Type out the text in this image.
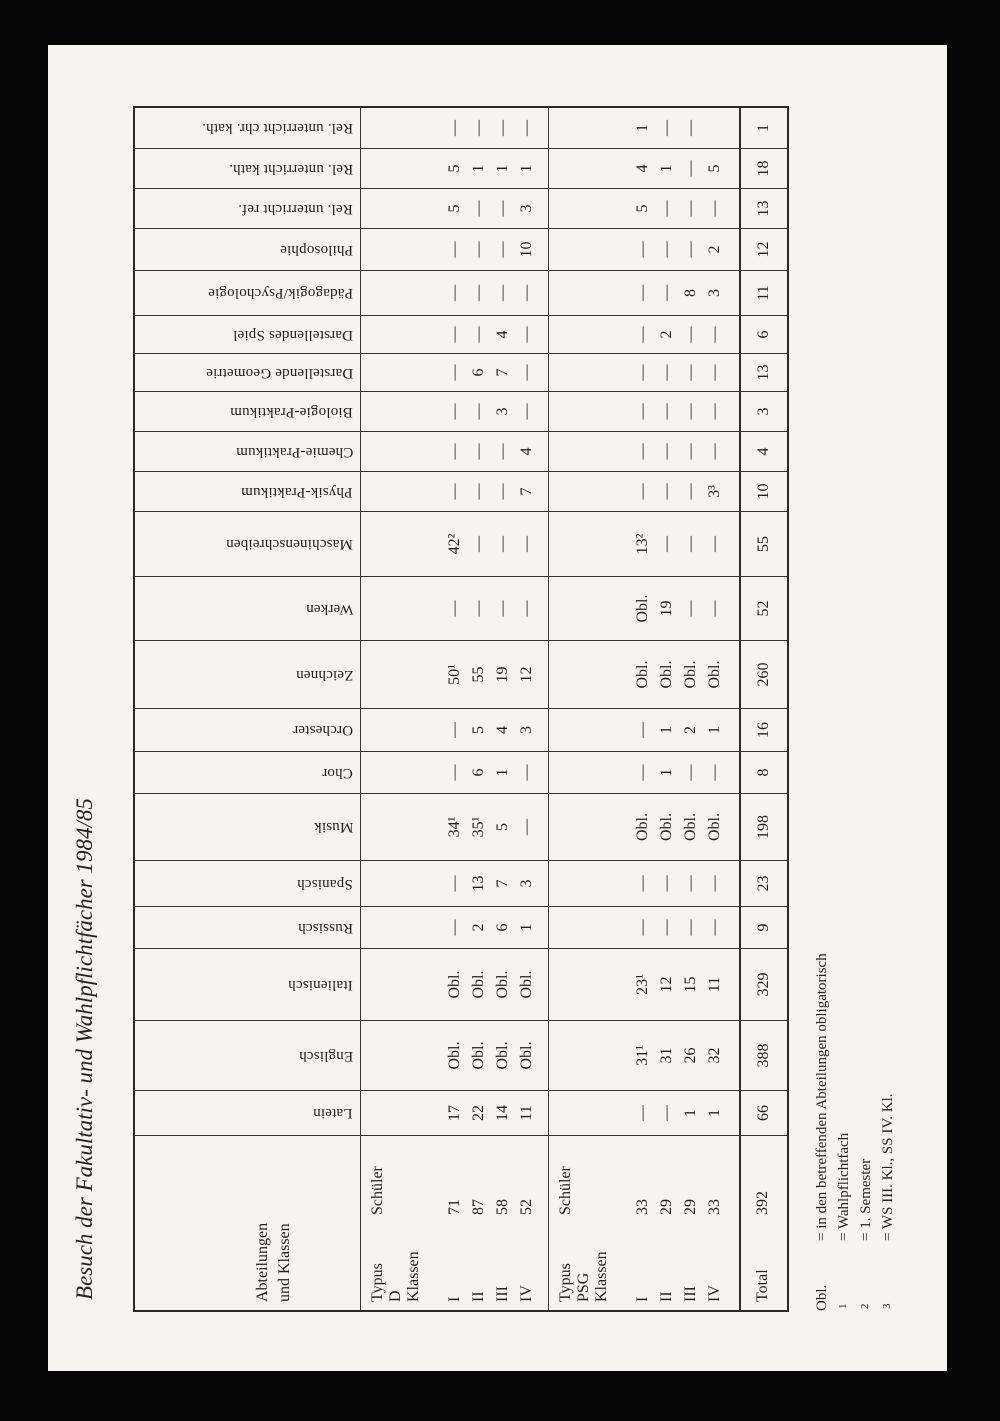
Besuch der Fakultativ- und Wahlpflichtfächer 1984/85	Abteilungen und Klassen
Latein
Englisch
Italienisch
Russisch
Spanisch
Musik
Chor
Orchester
Zeichnen
Werken
Maschinenschreiben
Physik-Praktikum
Chemie-Praktikum
Biologie-Praktikum
Darstellende Geometrie
Darstellendes Spiel
Pädagogik/Psychologie
Philosophie
Rel. unterricht ref.
Rel. unterricht kath.
Rel. unterricht chr. kath.
Typus
Schüler
D Klassen I
71
II
87
III
58
IV
52
17 22 14 11
Obl. Obl. Obl. Obl.
Obl. Obl. Obl. Obl.
— 2 6 1
— 13 7 3
34¹ 35¹ 5 —
— 6 1 —
— 5 4 3
50¹ 55 19 12
— — — —
42² — — —
— — — 7
— — — 4
— — 3 —
— 6 7 —
— — 4 —
— — — —
— — — 10
5 — — 3
5 1 1 1
— — — —
Typus
Schüler
PSG Klassen I
33
II
29
III
29
IV
33
— — 1 1
31¹ 31 26 32
23¹ 12 15 11
— — — —
— — — —
Obl. Obl. Obl. Obl.
— 1 — —
— 1 2 1
Obl. Obl. Obl. Obl.
Obl. 19 — —
13² — — —
— — — 3³
— — — —
— — — —
— — — —
— 2 — —
— — 8 3
— — — 2
5 — — —
4 1 — 5
1 — —
Total
392
66
388
329
9
23
198
8
16
260
52
55
10
4
3
13
6
11
12
13
18
1
Obl.
= in den betreffenden Abteilungen obligatorisch
1
= Wahlpflichtfach
2
= 1. Semester
3
= WS III. Kl., SS IV. Kl.
